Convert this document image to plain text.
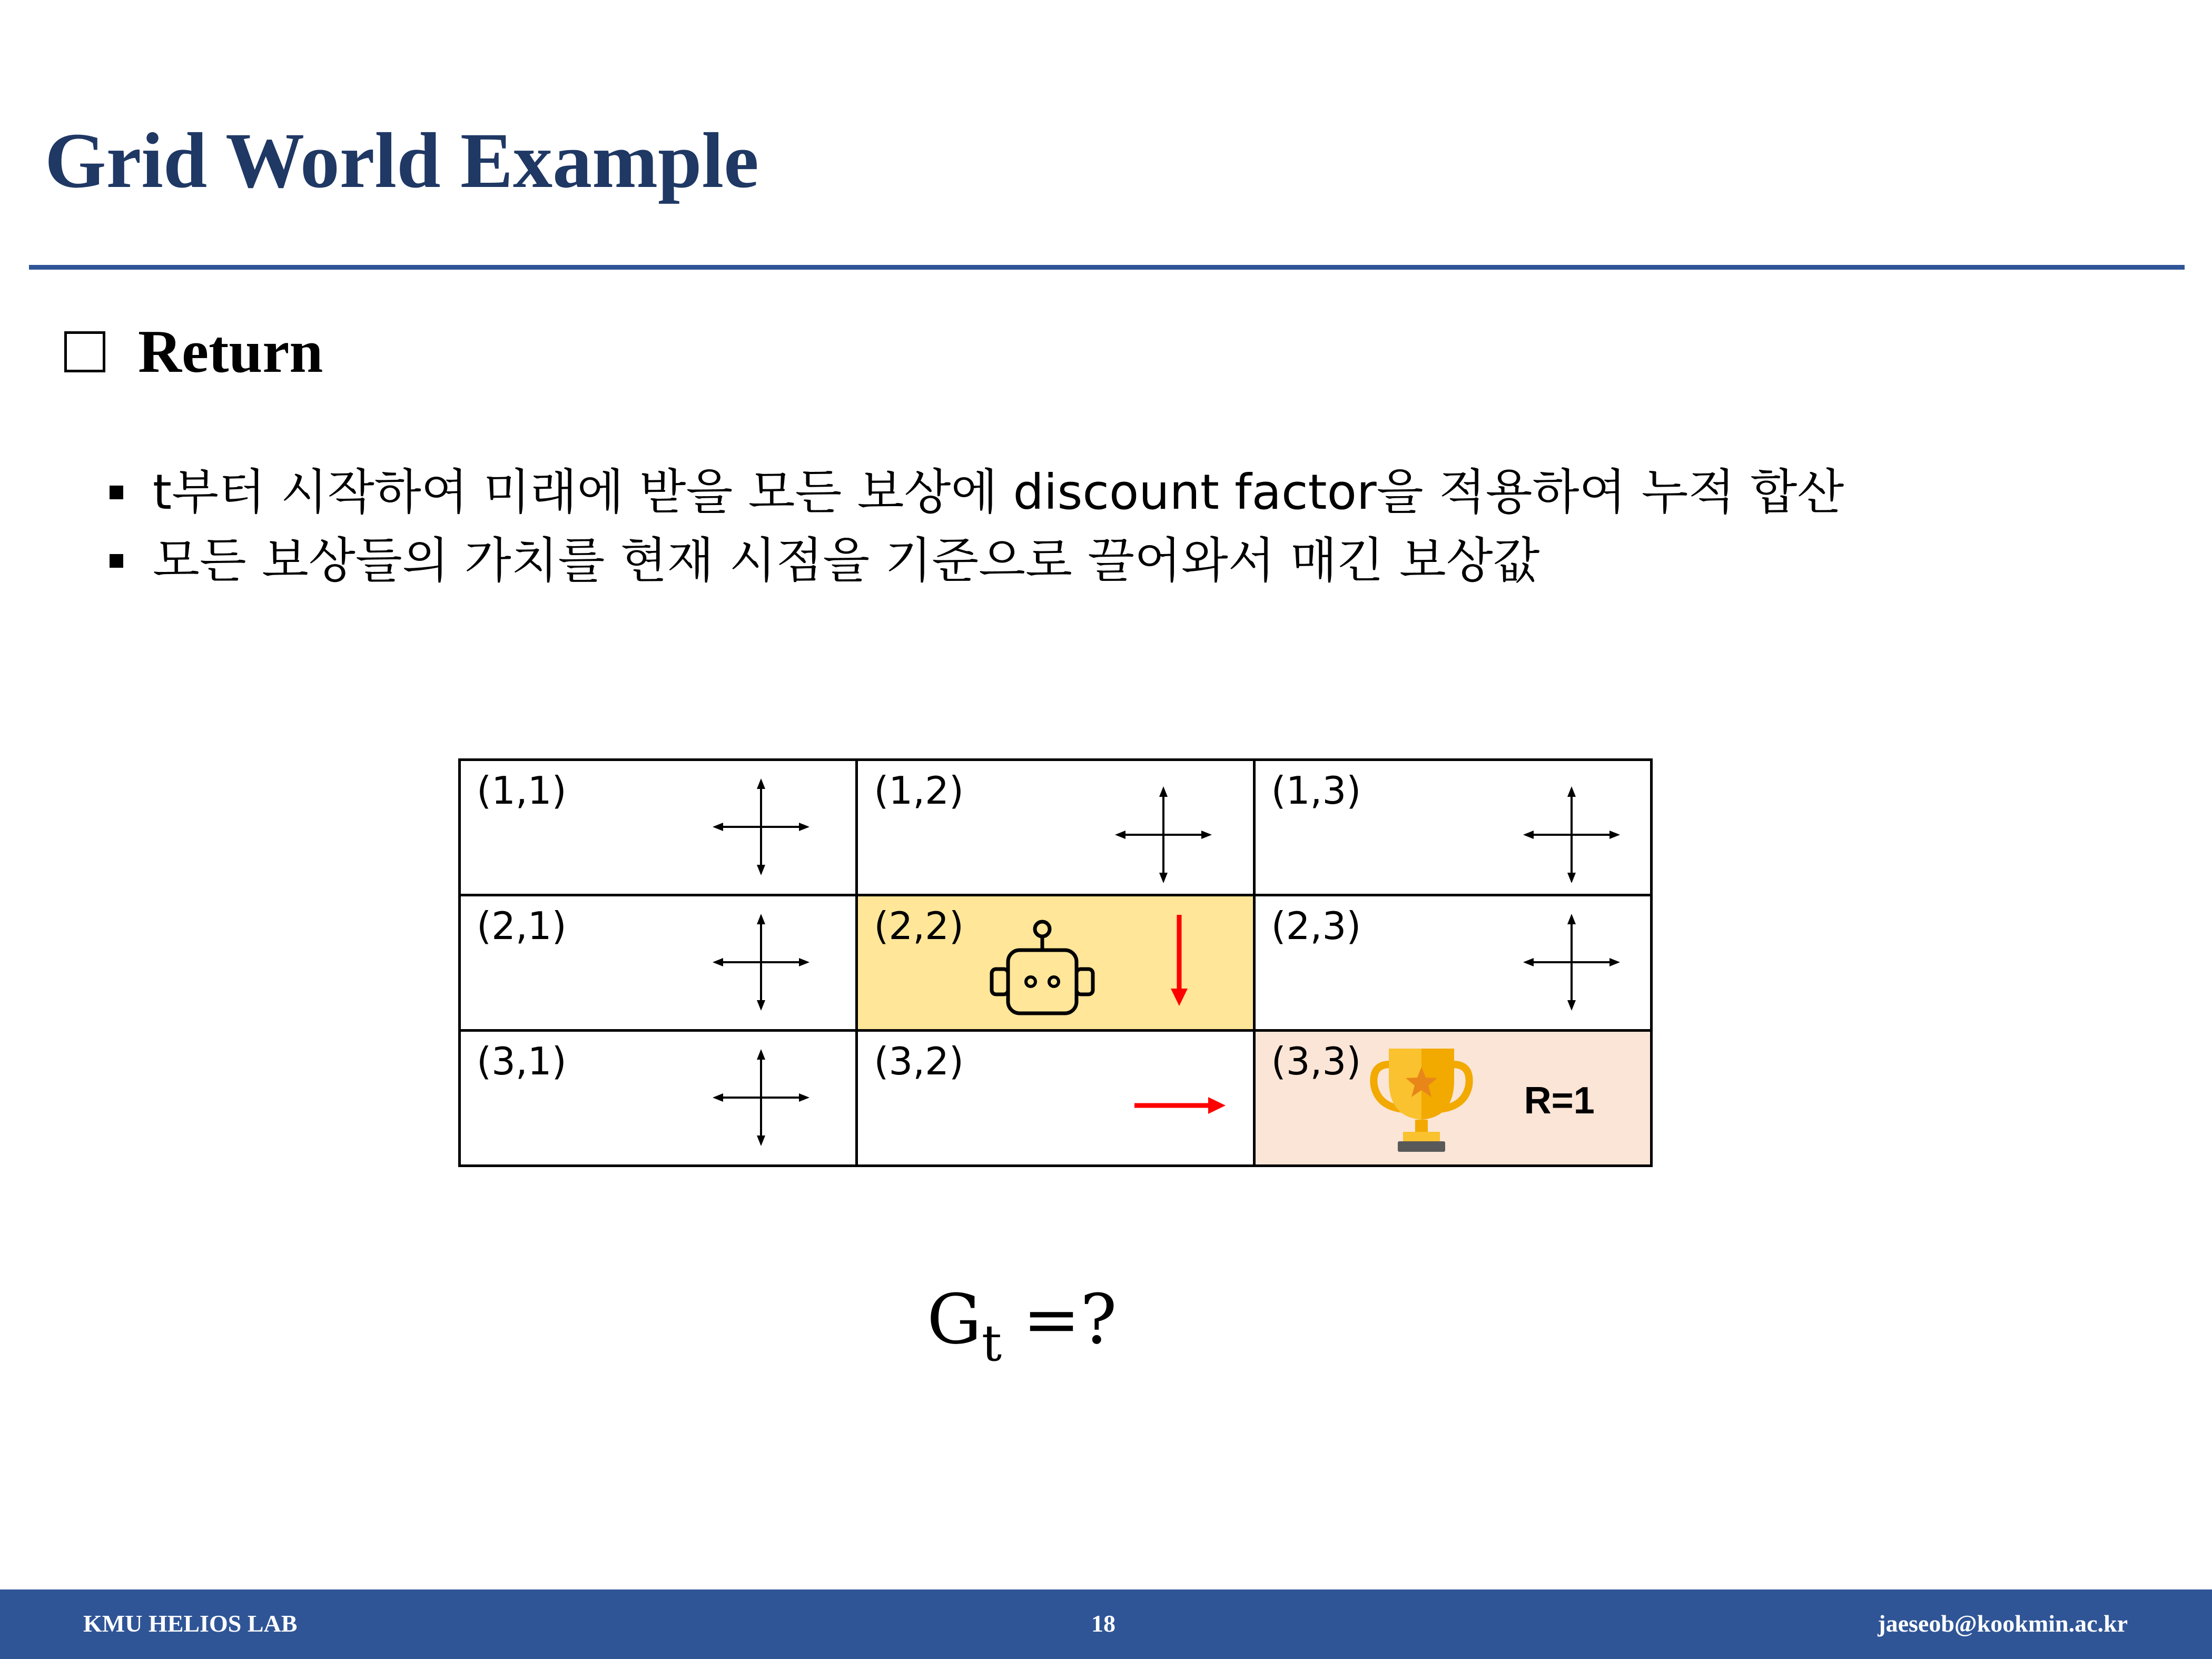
Grid World Example
Return
t부터 시작하여 미래에 받을 모든 보상에 discount factor을 적용하여 누적 합산
모든 보상들의 가치를 현재 시점을 기준으로 끌어와서 매긴 보상값
(1,1)	(1,2)	(1,3)

(2,1)	(2,2)	(2,3)

(3,1)	(3,2)	(3,3)
R=1
$G_t$ =?
KMU HELIOS LAB	18	jaeseob@kookmin.ac.kr
